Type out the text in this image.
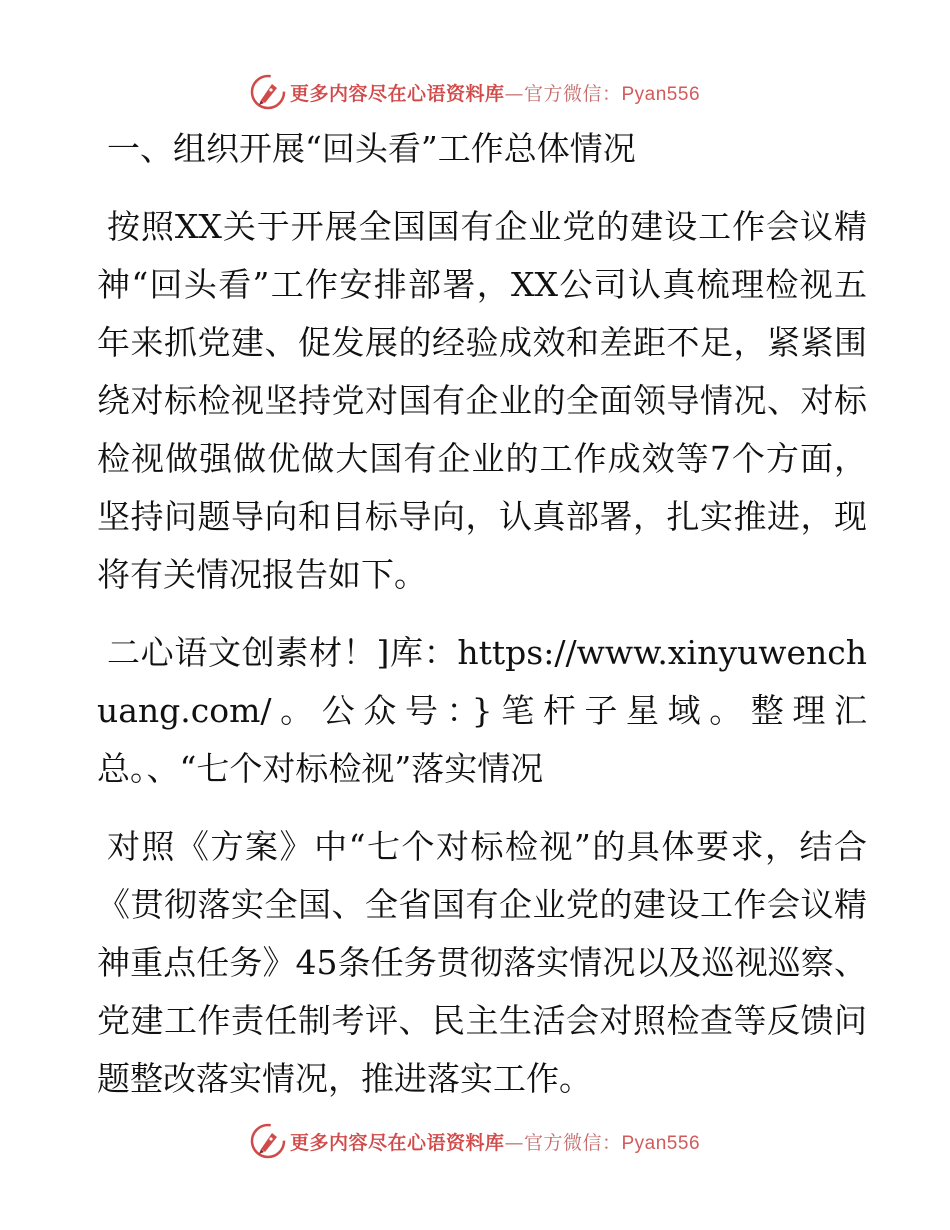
更多内容尽在心语资料库—官方微信：Pyan556

一、组织开展“回头看”工作总体情况

按照XX关于开展全国国有企业党的建设工作会议精神“回头看”工作安排部署，XX公司认真梳理检视五年来抓党建、促发展的经验成效和差距不足，紧紧围绕对标检视坚持党对国有企业的全面领导情况、对标检视做强做优做大国有企业的工作成效等7个方面，坚持问题导向和目标导向，认真部署，扎实推进，现将有关情况报告如下。

二心语文创素材！]库：https://www.xinyuwenchuang.com/。公众号：}笔杆子星域。整理汇总。、“七个对标检视”落实情况

对照《方案》中“七个对标检视”的具体要求，结合《贯彻落实全国、全省国有企业党的建设工作会议精神重点任务》45条任务贯彻落实情况以及巡视巡察、党建工作责任制考评、民主生活会对照检查等反馈问题整改落实情况，推进落实工作。

更多内容尽在心语资料库—官方微信：Pyan556
